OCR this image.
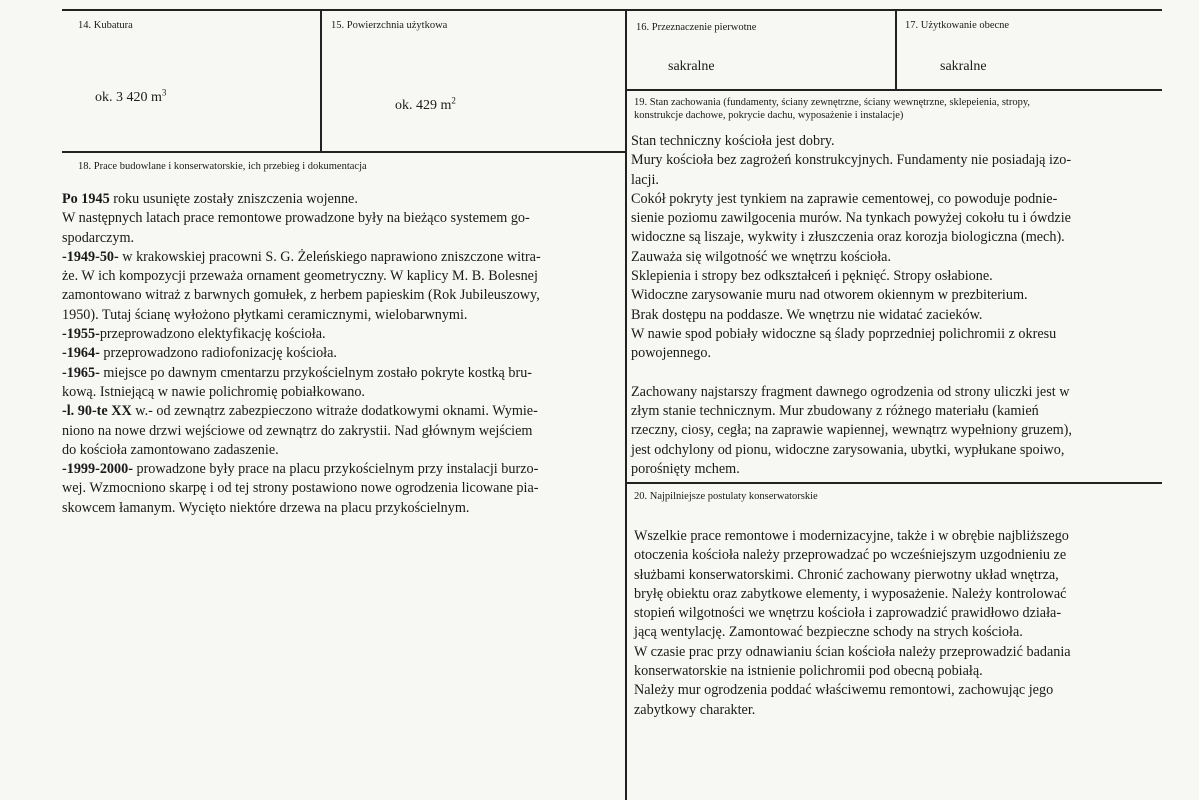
14. Kubatura
ok. 3 420 $m^3$
15. Powierzchnia użytkowa
ok. 429 $m^2$
16. Przeznaczenie pierwotne
sakralne
17. Użytkowanie obecne
sakralne
18. Prace budowlane i konserwatorskie, ich przebieg i dokumentacja

Po 1945 roku usunięte zostały zniszczenia wojenne.

W następnych latach prace remontowe prowadzone były na bieżąco systemem go-
spodarczym.

-1949-50- w krakowskiej pracowni S. G. Żeleńskiego naprawiono zniszczone witra-
że. W ich kompozycji przeważa ornament geometryczny. W kaplicy M. B. Bolesnej
zamontowano witraż z barwnych gomułek, z herbem papieskim (Rok Jubileuszowy,
1950). Tutaj ścianę wyłożono płytkami ceramicznymi, wielobarwnymi.

-1955-przeprowadzono elektyfikację kościoła.

-1964- przeprowadzono radiofonizację kościoła.

-1965- miejsce po dawnym cmentarzu przykościelnym zostało pokryte kostką bru-
kową. Istniejącą w nawie polichromię pobiałkowano.

-l. 90-te XX w.- od zewnątrz zabezpieczono witraże dodatkowymi oknami. Wymie-
niono na nowe drzwi wejściowe od zewnątrz do zakrystii. Nad głównym wejściem
do kościoła zamontowano zadaszenie.

-1999-2000- prowadzone były prace na placu przykościelnym przy instalacji burzo-
wej. Wzmocniono skarpę i od tej strony postawiono nowe ogrodzenia licowane pia-
skowcem łamanym. Wycięto niektóre drzewa na placu przykościelnym.

19. Stan zachowania (fundamenty, ściany zewnętrzne, ściany wewnętrzne, sklepeienia, stropy,
konstrukcje dachowe, pokrycie dachu, wyposażenie i instalacje)
Stan techniczny kościoła jest dobry.
Mury kościoła bez zagrożeń konstrukcyjnych. Fundamenty nie posiadają izo-
lacji.
Cokół pokryty jest tynkiem na zaprawie cementowej, co powoduje podnie-
sienie poziomu zawilgocenia murów. Na tynkach powyżej cokołu tu i ówdzie
widoczne są liszaje, wykwity i złuszczenia oraz korozja biologiczna (mech).
Zauważa się wilgotność we wnętrzu kościoła.
Sklepienia i stropy bez odkształceń i pęknięć. Stropy osłabione.
Widoczne zarysowanie muru nad otworem okiennym w prezbiterium.
Brak dostępu na poddasze. We wnętrzu nie widatać zacieków.
W nawie spod pobiały widoczne są ślady poprzedniej polichromii z okresu
powojennego.

Zachowany najstarszy fragment dawnego ogrodzenia od strony uliczki jest w
złym stanie technicznym. Mur zbudowany z różnego materiału (kamień
rzeczny, ciosy, cegła; na zaprawie wapiennej, wewnątrz wypełniony gruzem),
jest odchylony od pionu, widoczne zarysowania, ubytki, wypłukane spoiwo,
porośnięty mchem.
20. Najpilniejsze postulaty konserwatorskie
Wszelkie prace remontowe i modernizacyjne, także i w obrębie najbliższego
otoczenia kościoła należy przeprowadzać po wcześniejszym uzgodnieniu ze
służbami konserwatorskimi. Chronić zachowany pierwotny układ wnętrza,
bryłę obiektu oraz zabytkowe elementy, i wyposażenie. Należy kontrolować
stopień wilgotności we wnętrzu kościoła i zaprowadzić prawidłowo działa-
jącą wentylację. Zamontować bezpieczne schody na strych kościoła.
W czasie prac przy odnawianiu ścian kościoła należy przeprowadzić badania
konserwatorskie na istnienie polichromii pod obecną pobiałą.
Należy mur ogrodzenia poddać właściwemu remontowi, zachowując jego
zabytkowy charakter.
